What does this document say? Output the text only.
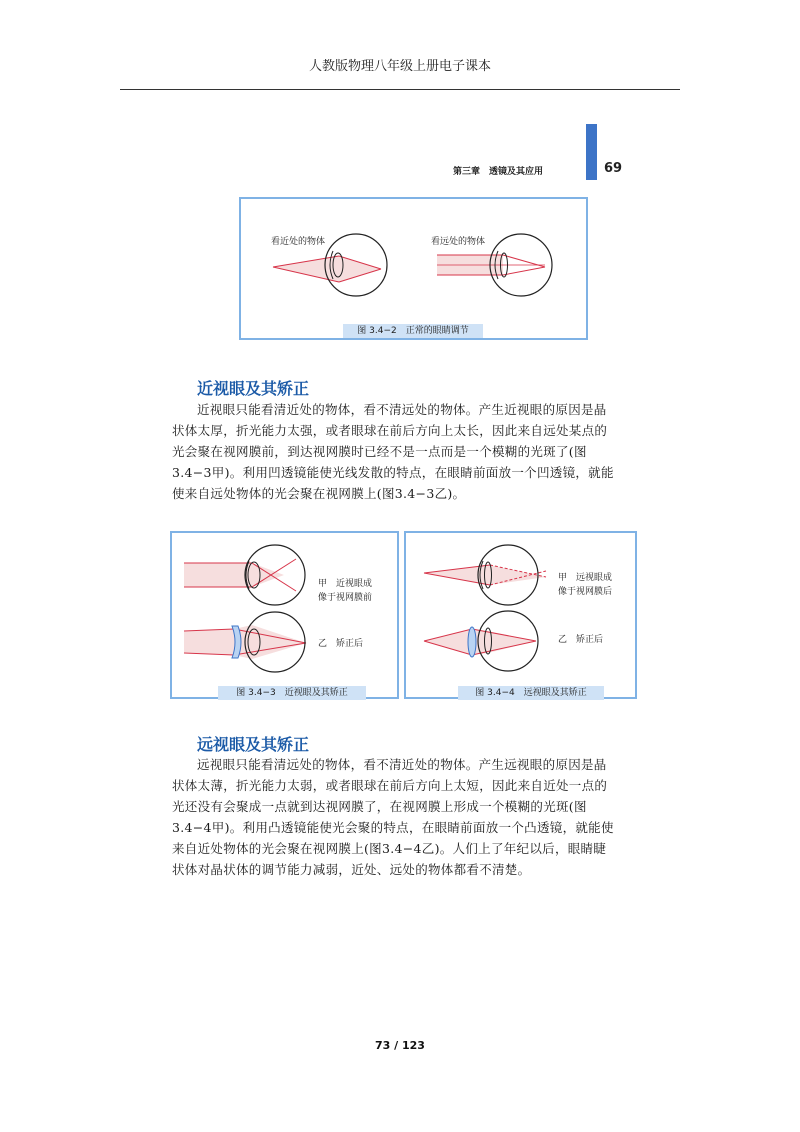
人教版物理八年级上册电子课本
第三章　透镜及其应用	69
看近处的物体	看远处的物体
图 3.4−2　正常的眼睛调节
近视眼及其矫正
近视眼只能看清近处的物体，看不清远处的物体。产生近视眼的原因是晶
状体太厚，折光能力太强，或者眼球在前后方向上太长，因此来自远处某点的
光会聚在视网膜前，到达视网膜时已经不是一点而是一个模糊的光斑了(图
3.4−3甲)。利用凹透镜能使光线发散的特点，在眼睛前面放一个凹透镜，就能
使来自远处物体的光会聚在视网膜上(图3.4−3乙)。
甲　近视眼成
像于视网膜前
乙　矫正后
图 3.4−3　近视眼及其矫正
甲　远视眼成
像于视网膜后
乙　矫正后
图 3.4−4　远视眼及其矫正
远视眼及其矫正
远视眼只能看清远处的物体，看不清近处的物体。产生远视眼的原因是晶
状体太薄，折光能力太弱，或者眼球在前后方向上太短，因此来自近处一点的
光还没有会聚成一点就到达视网膜了，在视网膜上形成一个模糊的光斑(图
3.4−4甲)。利用凸透镜能使光会聚的特点，在眼睛前面放一个凸透镜，就能使
来自近处物体的光会聚在视网膜上(图3.4−4乙)。人们上了年纪以后，眼睛睫
状体对晶状体的调节能力减弱，近处、远处的物体都看不清楚。
73 / 123
